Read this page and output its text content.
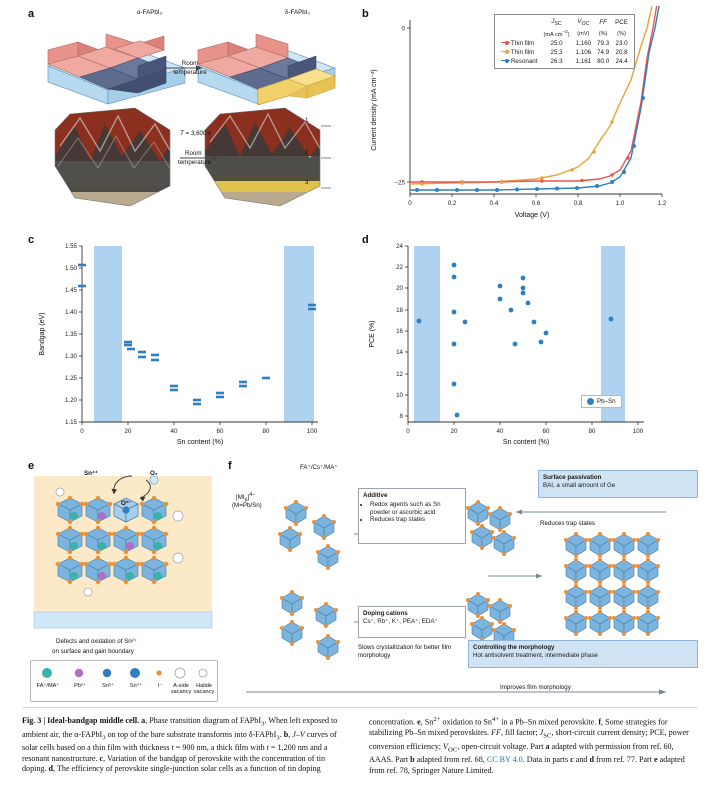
a	α-FAPbI₃	δ-FAPbI₃
Room
temperature
T = 3,600 s
Room
temperature
1
2
3
b
0	0.2	0.4	0.6	0.8	1.0	1.2
0
−25
Voltage (V)
Current density (mA cm⁻²)
	$J_{SC}$	$V_{OC}$	FF	PCE
	(mA $cm^{-2}$)	(mV)	(%)	(%)
Thin film	25.0	1,160	79.3	23.0
Thin film	25.3	1,106	74.9	20.8
Resonant	26.3	1,161	80.0	24.4
c
1.15
1.20
1.25
1.30
1.35
1.40
1.45
1.50
1.55
0	20	40	60	80	100
Sn content (%)
Bandgap (eV)
d
8
10
12
14
16
18
20
22
24
0	20	40	60	80	100
Sn content (%)
PCE (%)
Pb–Sn
e
Sn⁴⁺	O₂
O²⁻
Defects and oxidation of Sn²⁺
on surface and gain boundary
FA⁺/MA⁺	Pb²⁺	Sn²⁺	Sn⁴⁺	I⁻	A-side
vacancy
Halide
vacancy
f	FA⁺/Cs⁺/MA⁺
$[MI_6]^{4-}$
(M=Pb/Sn)
Additive
• Redox agents such as Sn powder or ascorbic acid
• Reduces trap states
Doping cations
Cs⁺, Rb⁺, K⁺, PEA⁺, EDA⁺
Surface passivation
BAI, a small amount of Ge
Controlling the morphology
Hot antisolvent treatment, intermediate phase
Reduces trap states
Slows crystallization for better film morphology
Improves film morphology

Fig. 3 | Ideal-bandgap middle cell. a, Phase transition diagram of FAPbI$_3$. When left exposed to ambient air, the α-FAPbI$_3$ on top of the bare substrate transforms into δ-FAPbI$_3$. b, J–V curves of solar cells based on a thin film with thickness t = 900 nm, a thick film with t = 1,200 nm and a resonant nanostructure. c, Variation of the bandgap of perovskite with the concentration of tin doping. d, The efficiency of perovskite single-junction solar cells as a function of tin doping concentration. e, $Sn^{2+}$ oxidation to $Sn^{4+}$ in a Pb–Sn mixed perovskite. f, Some strategies for stabilizing Pb–Sn mixed perovskites. FF, fill factor; $J_{SC}$, short-circuit current density; PCE, power conversion efficiency; $V_{OC}$, open-circuit voltage. Part a adapted with permission from ref. 60, AAAS. Part b adapted from ref. 68, CC BY 4.0. Data in parts c and d from ref. 77. Part e adapted from ref. 78, Springer Nature Limited.
